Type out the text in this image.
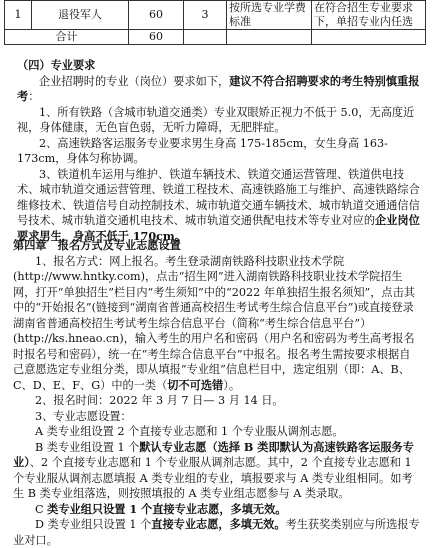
1	退役军人	60	3	按所选专业学费标准	在符合招生专业要求下，单招专业内任选
合计		60			

（四）专业要求

企业招聘时的专业（岗位）要求如下，建议不符合招聘要求的考生特别慎重报考：

1、所有铁路（含城市轨道交通类）专业双眼矫正视力不低于 5.0，无高度近视，身体健康，无色盲色弱，无听力障碍，无肥胖症。

2、高速铁路客运服务专业要求男生身高 175-185cm，女生身高 163-173cm，身体匀称协调。

3、铁道机车运用与维护、铁道车辆技术、铁道交通运营管理、铁道供电技术、城市轨道交通运营管理、铁道工程技术、高速铁路施工与维护、高速铁路综合维修技术、铁道信号自动控制技术、城市轨道交通车辆技术、城市轨道交通通信信号技术、城市轨道交通机电技术、城市轨道交通供配电技术等专业对应的企业岗位要求男生，身高不低于 170cm。

第四章　报名方式及专业志愿设置

1、报名方式：网上报名。考生登录湖南铁路科技职业技术学院(http://www.hntky.com)，点击“招生网”进入湖南铁路科技职业技术学院招生网，打开“单独招生”栏目内“考生须知”中的“2022 年单独招生报名须知”，点击其中的“开始报名”(链接到“湖南省普通高校招生考试考生综合信息平台”)或直接登录湖南省普通高校招生考试考生综合信息平台（简称“考生综合信息平台”）(http://ks.hneao.cn)，输入考生的用户名和密码（用户名和密码为考生高考报名时报名号和密码），统一在“考生综合信息平台”中报名。报名考生需按要求根据自己意愿选定专业组分类，即从填报“专业组”信息栏目中，选定组别（即：A、B、C、D、E、F、G）中的一类（切不可选错）。

2、报名时间：2022 年 3 月 7 日— 3 月 14 日。

3、专业志愿设置：

A 类专业组设置 2 个直接专业志愿和 1 个专业服从调剂志愿。

B 类专业组设置 1 个默认专业志愿（选择 B 类即默认为高速铁路客运服务专业）、2 个直接专业志愿和 1 个专业服从调剂志愿。其中，2 个直接专业志愿和 1 个专业服从调剂志愿填报 A 类专业组的专业，填报要求与 A 类专业组相同。如考生 B 类专业组落选，则按照填报的 A 类专业组志愿参与 A 类录取。

C 类专业组只设置 1 个直接专业志愿，多填无效。

D 类专业组只设置 1 个直接专业志愿，多填无效。考生获奖类别应与所选报专业对口。
